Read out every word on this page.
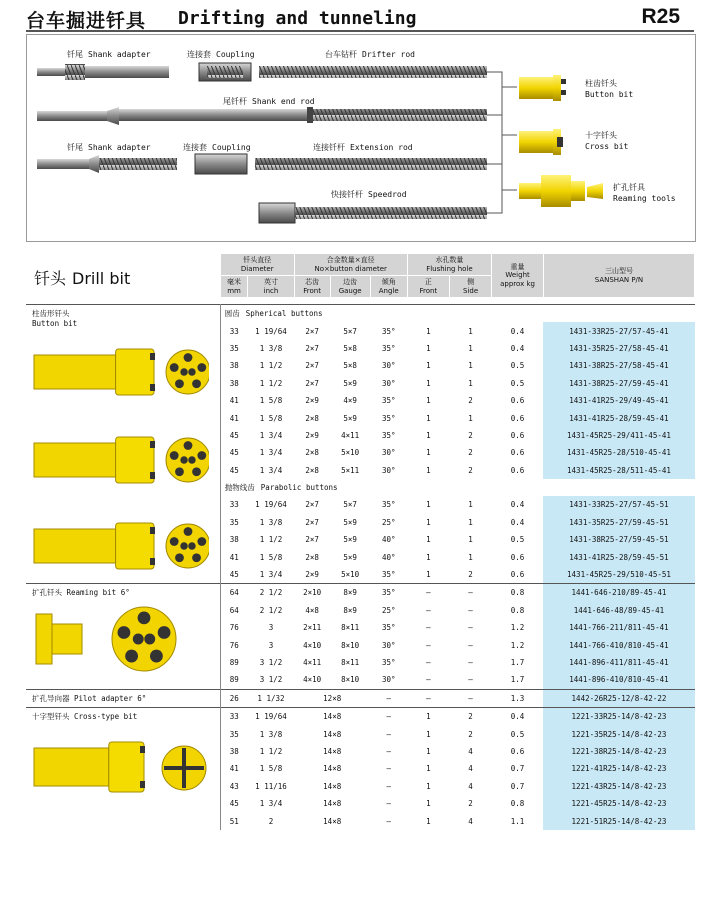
台车掘进钎具 Drifting and tunneling	R25
钎尾 Shank adapter	连接套 Coupling	台车钻杆 Drifter rod
尾钎杆 Shank end rod
钎尾 Shank adapter	连接套 Coupling	连接钎杆 Extension rod
快接钎杆 Speedrod
柱齿钎头
Button bit
十字钎头
Cross bit
扩孔钎具
Reaming tools
钎头 Drill bit	钎头直径
Diameter		合金数量×直径
No×button diameter			水孔数量
Flushing hole		重量
Weight
approx kg	三山型号
SANSHAN P/N
	毫米
mm	英寸
inch	芯齿
Front	边齿
Gauge	倾角
Angle	正
Front	侧
Side		

柱齿形钎头
Button bit	圆齿 Spherical buttons								
	33	1 19/64	2×7	5×7	35°	1	1	0.4	1431-33R25-27/57-45-41
	35	1 3/8	2×7	5×8	35°	1	1	0.4	1431-35R25-27/58-45-41
	38	1 1/2	2×7	5×8	30°	1	1	0.5	1431-38R25-27/58-45-41
	38	1 1/2	2×7	5×9	30°	1	1	0.5	1431-38R25-27/59-45-41
	41	1 5/8	2×9	4×9	35°	1	2	0.6	1431-41R25-29/49-45-41
	41	1 5/8	2×8	5×9	35°	1	1	0.6	1431-41R25-28/59-45-41
	45	1 3/4	2×9	4×11	35°	1	2	0.6	1431-45R25-29/411-45-41
	45	1 3/4	2×8	5×10	30°	1	2	0.6	1431-45R25-28/510-45-41
	45	1 3/4	2×8	5×11	30°	1	2	0.6	1431-45R25-28/511-45-41
	抛物线齿 Parabolic buttons								
	33	1 19/64	2×7	5×7	35°	1	1	0.4	1431-33R25-27/57-45-51
	35	1 3/8	2×7	5×9	25°	1	1	0.4	1431-35R25-27/59-45-51
	38	1 1/2	2×7	5×9	40°	1	1	0.5	1431-38R25-27/59-45-51
	41	1 5/8	2×8	5×9	40°	1	1	0.6	1431-41R25-28/59-45-51
	45	1 3/4	2×9	5×10	35°	1	2	0.6	1431-45R25-29/510-45-51

扩孔钎头 Reaming bit 6°	64	2 1/2	2×10	8×9	35°	–	–	0.8	1441-646-210/89-45-41
	64	2 1/2	4×8	8×9	25°	–	–	0.8	1441-646-48/89-45-41
	76	3	2×11	8×11	35°	–	–	1.2	1441-766-211/811-45-41
	76	3	4×10	8×10	30°	–	–	1.2	1441-766-410/810-45-41
	89	3 1/2	4×11	8×11	35°	–	–	1.7	1441-896-411/811-45-41
	89	3 1/2	4×10	8×10	30°	–	–	1.7	1441-896-410/810-45-41

扩孔导向器 Pilot adapter 6°	26	1 1/32	12×8		–	–	–	1.3	1442-26R25-12/8-42-22

十字型钎头 Cross-type bit	33	1 19/64	14×8		–	1	2	0.4	1221-33R25-14/8-42-23
	35	1 3/8	14×8		–	1	2	0.5	1221-35R25-14/8-42-23
	38	1 1/2	14×8		–	1	4	0.6	1221-38R25-14/8-42-23
	41	1 5/8	14×8		–	1	4	0.7	1221-41R25-14/8-42-23
	43	1 11/16	14×8		–	1	4	0.7	1221-43R25-14/8-42-23
	45	1 3/4	14×8		–	1	2	0.8	1221-45R25-14/8-42-23
	51	2	14×8		–	1	4	1.1	1221-51R25-14/8-42-23
